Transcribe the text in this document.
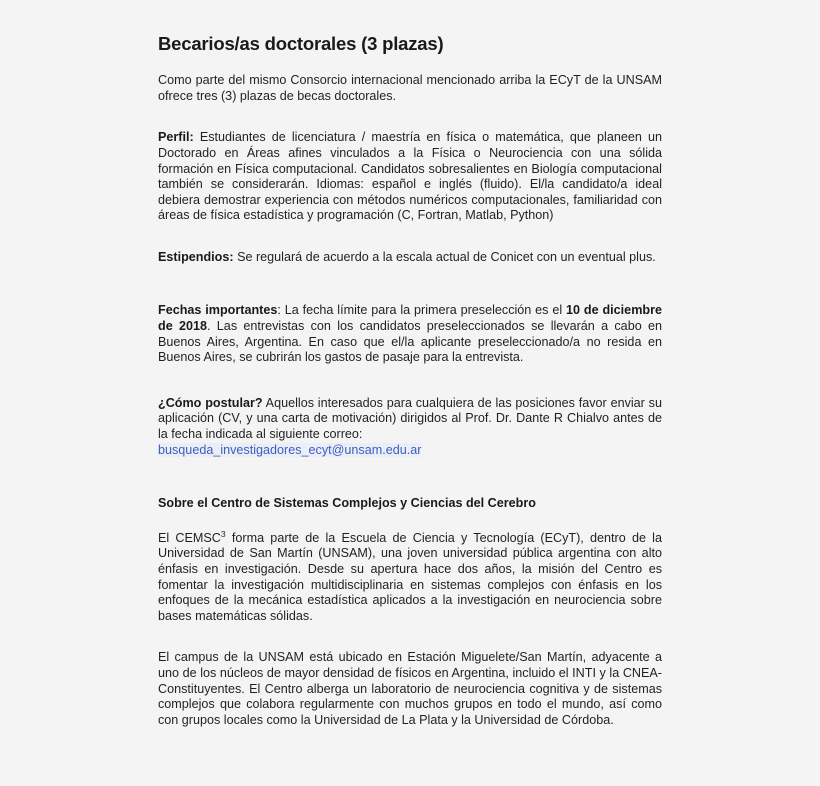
Becarios/as doctorales (3 plazas)

Como parte del mismo Consorcio internacional mencionado arriba la ECyT de la UNSAM ofrece tres (3) plazas de becas doctorales.

Perfil: Estudiantes de licenciatura / maestría en física o matemática, que planeen un Doctorado en Áreas afines vinculados a la Física o Neurociencia con una sólida formación en Física computacional. Candidatos sobresalientes en Biología computacional también se considerarán. Idiomas: español e inglés (fluido). El/la candidato/a ideal debiera demostrar experiencia con métodos numéricos computacionales, familiaridad con áreas de física estadística y programación (C, Fortran, Matlab, Python)

Estipendios: Se regulará de acuerdo a la escala actual de Conicet con un eventual plus.

Fechas importantes: La fecha límite para la primera preselección es el 10 de diciembre de 2018. Las entrevistas con los candidatos preseleccionados se llevarán a cabo en Buenos Aires, Argentina. En caso que el/la aplicante preseleccionado/a no resida en Buenos Aires, se cubrirán los gastos de pasaje para la entrevista.

¿Cómo postular? Aquellos interesados para cualquiera de las posiciones favor enviar su aplicación (CV, y una carta de motivación) dirigidos al Prof. Dr. Dante R Chialvo antes de la fecha indicada al siguiente correo:
busqueda_investigadores_ecyt@unsam.edu.ar

Sobre el Centro de Sistemas Complejos y Ciencias del Cerebro

El CEMSC$^3$ forma parte de la Escuela de Ciencia y Tecnología (ECyT), dentro de la Universidad de San Martín (UNSAM), una joven universidad pública argentina con alto énfasis en investigación. Desde su apertura hace dos años, la misión del Centro es fomentar la investigación multidisciplinaria en sistemas complejos con énfasis en los enfoques de la mecánica estadística aplicados a la investigación en neurociencia sobre bases matemáticas sólidas.

El campus de la UNSAM está ubicado en Estación Miguelete/San Martín, adyacente a uno de los núcleos de mayor densidad de físicos en Argentina, incluido el INTI y la CNEA-Constituyentes. El Centro alberga un laboratorio de neurociencia cognitiva y de sistemas complejos que colabora regularmente con muchos grupos en todo el mundo, así como con grupos locales como la Universidad de La Plata y la Universidad de Córdoba.
